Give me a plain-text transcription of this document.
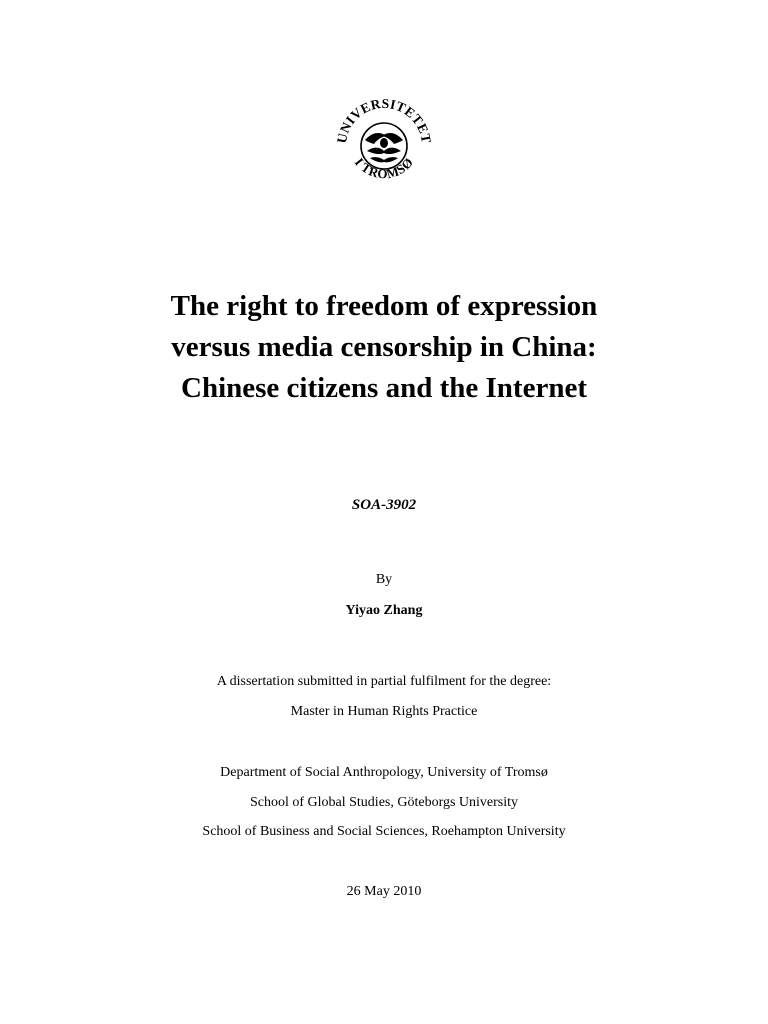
UNIVERSITETET
I TROMSØ
The right to freedom of expression
versus media censorship in China:
Chinese citizens and the Internet
SOA-3902
By
Yiyao Zhang
A dissertation submitted in partial fulfilment for the degree:
Master in Human Rights Practice
Department of Social Anthropology, University of Tromsø
School of Global Studies, Göteborgs University
School of Business and Social Sciences, Roehampton University
26 May 2010
